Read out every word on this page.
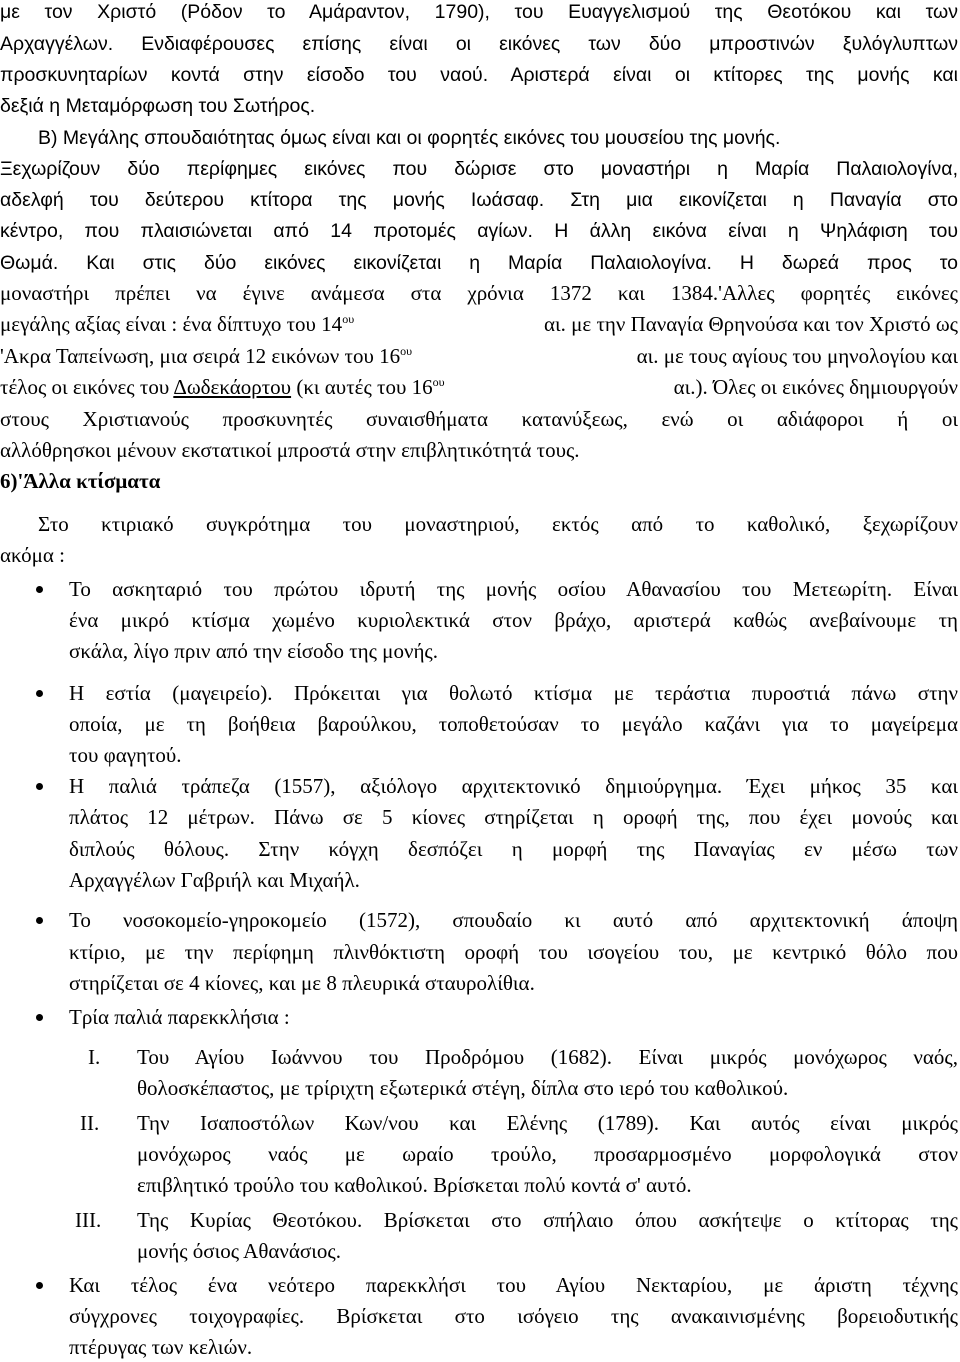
με τον Χριστό (Ρόδον το Αμάραντον, 1790), του Ευαγγελισμού της Θεοτόκου και των
Αρχαγγέλων. Ενδιαφέρουσες επίσης είναι οι εικόνες των δύο μπροστινών ξυλόγλυπτων
προσκυνηταρίων κοντά στην είσοδο του ναού. Αριστερά είναι οι κτίτορες της μονής και
δεξιά η Μεταμόρφωση του Σωτήρος.
Β) Μεγάλης σπουδαιότητας όμως είναι και οι φορητές εικόνες του μουσείου της μονής.
Ξεχωρίζουν δύο περίφημες εικόνες που δώρισε στο μοναστήρι η Μαρία Παλαιολογίνα,
αδελφή του δεύτερου κτίτορα της μονής Ιωάσαφ. Στη μια εικονίζεται η Παναγία στο
κέντρο, που πλαισιώνεται από 14 προτομές αγίων. Η άλλη εικόνα είναι η Ψηλάφιση του
Θωμά. Και στις δύο εικόνες εικονίζεται η Μαρία Παλαιολογίνα. Η δωρεά προς το
μοναστήρι πρέπει να έγινε ανάμεσα στα χρόνια 1372 και 1384.'Αλλες φορητές εικόνες
μεγάλης αξίας είναι : ένα δίπτυχο του $14^{o\upsilon}$	αι. με την Παναγία Θρηνούσα και τον Χριστό ως
'Ακρα Ταπείνωση, μια σειρά 12 εικόνων του $16^{o\upsilon}$	αι. με τους αγίους του μηνολογίου και
τέλος οι εικόνες του Δωδεκάορτου (κι αυτές του $16^{o\upsilon}$	αι.). Όλες οι εικόνες δημιουργούν
στους Χριστιανούς προσκυνητές συναισθήματα κατανύξεως, ενώ οι αδιάφοροι ή οι
αλλόθρησκοι μένουν εκστατικοί μπροστά στην επιβλητικότητά τους.
6)'Άλλα κτίσματα
Στο κτιριακό συγκρότημα του μοναστηριού, εκτός από το καθολικό, ξεχωρίζουν
ακόμα :
Το ασκηταριό του πρώτου ιδρυτή της μονής οσίου Αθανασίου του Μετεωρίτη. Είναι
ένα μικρό κτίσμα χωμένο κυριολεκτικά στον βράχο, αριστερά καθώς ανεβαίνουμε τη
σκάλα, λίγο πριν από την είσοδο της μονής.
Η εστία (μαγειρείο). Πρόκειται για θολωτό κτίσμα με τεράστια πυροστιά πάνω στην
οποία, με τη βοήθεια βαρούλκου, τοποθετούσαν το μεγάλο καζάνι για το μαγείρεμα
του φαγητού.
Η παλιά τράπεζα (1557), αξιόλογο αρχιτεκτονικό δημιούργημα. Έχει μήκος 35 και
πλάτος 12 μέτρων. Πάνω σε 5 κίονες στηρίζεται η οροφή της, που έχει μονούς και
διπλούς θόλους. Στην κόγχη δεσπόζει η μορφή της Παναγίας εν μέσω των
Αρχαγγέλων Γαβριήλ και Μιχαήλ.
Το νοσοκομείο-γηροκομείο (1572), σπουδαίο κι αυτό από αρχιτεκτονική άποψη
κτίριο, με την περίφημη πλινθόκτιστη οροφή του ισογείου του, με κεντρικό θόλο που
στηρίζεται σε 4 κίονες, και με 8 πλευρικά σταυρολίθια.
Τρία παλιά παρεκκλήσια :
I. Του Αγίου Ιωάννου του Προδρόμου (1682). Είναι μικρός μονόχωρος ναός,
θολοσκέπαστος, με τρίριχτη εξωτερικά στέγη, δίπλα στο ιερό του καθολικού.
II. Την Ισαποστόλων Κων/νου και Ελένης (1789). Και αυτός είναι μικρός
μονόχωρος ναός με ωραίο τρούλο, προσαρμοσμένο μορφολογικά στον
επιβλητικό τρούλο του καθολικού. Βρίσκεται πολύ κοντά σ' αυτό.
III. Της Κυρίας Θεοτόκου. Βρίσκεται στο σπήλαιο όπου ασκήτεψε ο κτίτορας της
μονής όσιος Αθανάσιος.
Και τέλος ένα νεότερο παρεκκλήσι του Αγίου Νεκταρίου, με άριστη τέχνης
σύγχρονες τοιχογραφίες. Βρίσκεται στο ισόγειο της ανακαινισμένης βορειοδυτικής
πτέρυγας των κελιών.
